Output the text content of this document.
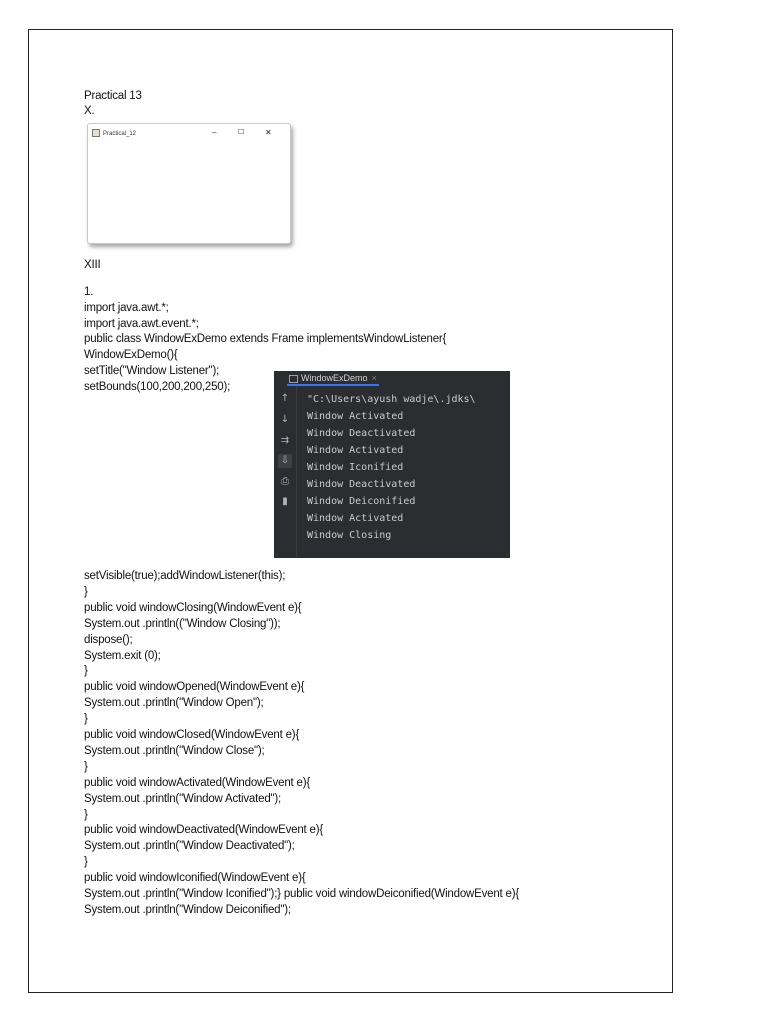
Practical 13
X.
Practical_12	–	☐	✕
XIII
1.
import java.awt.*;
import java.awt.event.*;
public class WindowExDemo extends Frame implementsWindowListener{
WindowExDemo(){
setTitle("Window Listener");
setBounds(100,200,200,250);
WindowExDemo ×
↑
↓
⇉
⇩
⎙
▮
"C:\Users\ayush wadje\.jdks\
Window Activated
Window Deactivated
Window Activated
Window Iconified
Window Deactivated
Window Deiconified
Window Activated
Window Closing
setVisible(true);addWindowListener(this);
}
public void windowClosing(WindowEvent e){
System.out .println(("Window Closing"));
dispose();
System.exit (0);
}
public void windowOpened(WindowEvent e){
System.out .println("Window Open");
}
public void windowClosed(WindowEvent e){
System.out .println("Window Close");
}
public void windowActivated(WindowEvent e){
System.out .println("Window Activated");
}
public void windowDeactivated(WindowEvent e){
System.out .println("Window Deactivated");
}
public void windowIconified(WindowEvent e){
System.out .println("Window Iconified");} public void windowDeiconified(WindowEvent e){
System.out .println("Window Deiconified");
